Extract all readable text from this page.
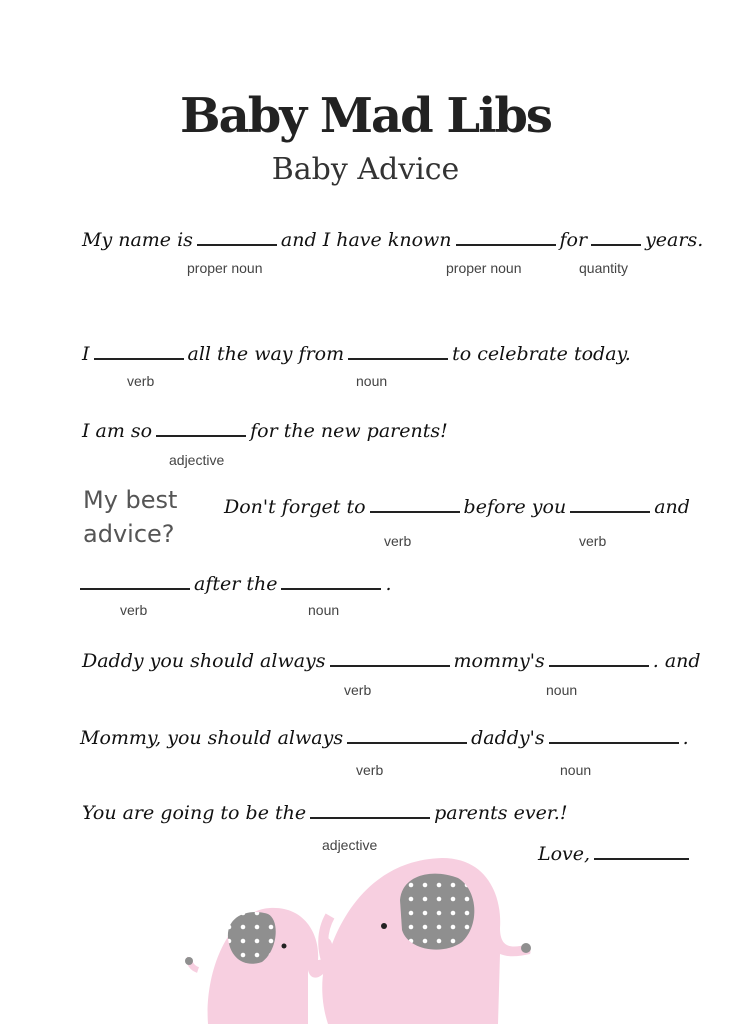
Baby Mad Libs
Baby Advice
My name is	and I have known	for	years.
proper noun	proper noun	quantity
I	all the way from	to celebrate today.
verb	noun
I am so	for the new parents!
adjective
My best
advice?
Don't forget to	before you	and
verb	verb
after the	.
verb	noun
Daddy you should always	mommy's	. and
verb	noun
Mommy, you should always	daddy's	.
verb	noun
You are going to be the	parents ever.!
adjective	Love,
